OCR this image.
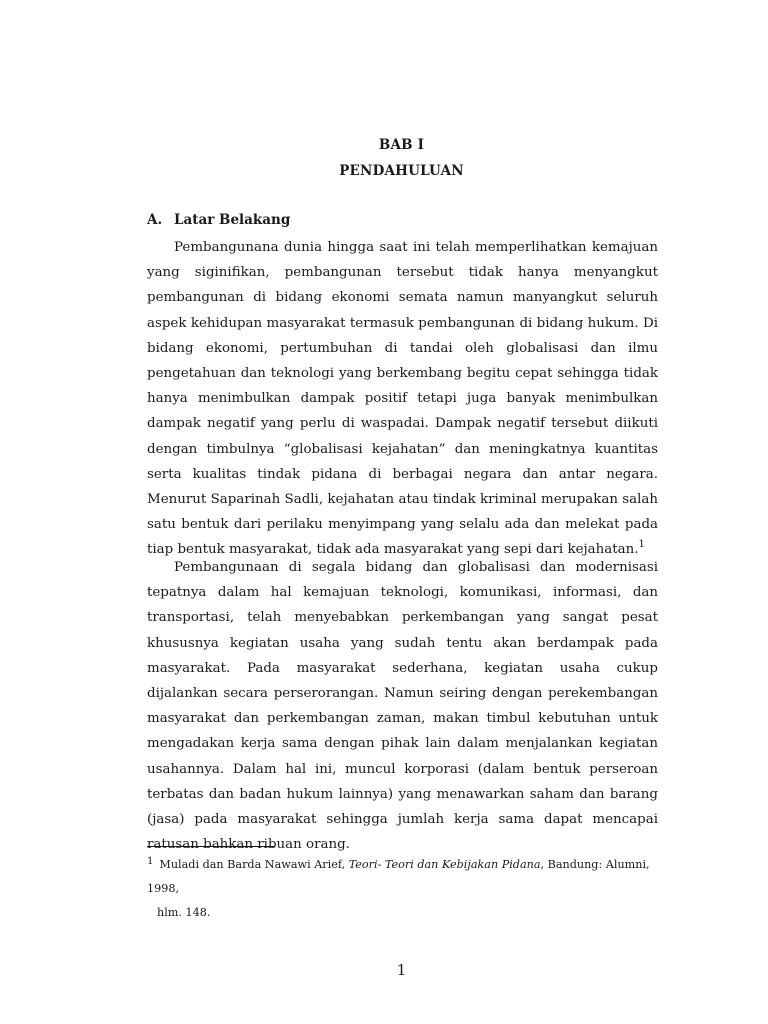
BAB I
PENDAHULUAN
A. Latar Belakang

Pembangunana dunia hingga saat ini telah memperlihatkan kemajuan yang siginifikan, pembangunan tersebut tidak hanya menyangkut pembangunan di bidang ekonomi semata namun manyangkut seluruh aspek kehidupan masyarakat termasuk pembangunan di bidang hukum. Di bidang ekonomi, pertumbuhan di tandai oleh globalisasi dan ilmu pengetahuan dan teknologi yang berkembang begitu cepat sehingga tidak hanya menimbulkan dampak positif tetapi juga banyak menimbulkan dampak negatif yang perlu di waspadai. Dampak negatif tersebut diikuti dengan timbulnya “globalisasi kejahatan” dan meningkatnya kuantitas serta kualitas tindak pidana di berbagai negara dan antar negara. Menurut Saparinah Sadli, kejahatan atau tindak kriminal merupakan salah satu bentuk dari perilaku menyimpang yang selalu ada dan melekat pada tiap bentuk masyarakat, tidak ada masyarakat yang sepi dari kejahatan.$^1$

Pembangunaan di segala bidang dan globalisasi dan modernisasi tepatnya dalam hal kemajuan teknologi, komunikasi, informasi, dan transportasi, telah menyebabkan perkembangan yang sangat pesat khususnya kegiatan usaha yang sudah tentu akan berdampak pada masyarakat. Pada masyarakat sederhana, kegiatan usaha cukup dijalankan secara perserorangan. Namun seiring dengan perekembangan masyarakat dan perkembangan zaman, makan timbul kebutuhan untuk mengadakan kerja sama dengan pihak lain dalam menjalankan kegiatan usahannya. Dalam hal ini, muncul korporasi (dalam bentuk perseroan terbatas dan badan hukum lainnya) yang menawarkan saham dan barang (jasa) pada masyarakat sehingga jumlah kerja sama dapat mencapai ratusan bahkan ribuan orang.

1 Muladi dan Barda Nawawi Arief, Teori- Teori dan Kebijakan Pidana, Bandung: Alumni, 1998,
hlm. 148.

1
